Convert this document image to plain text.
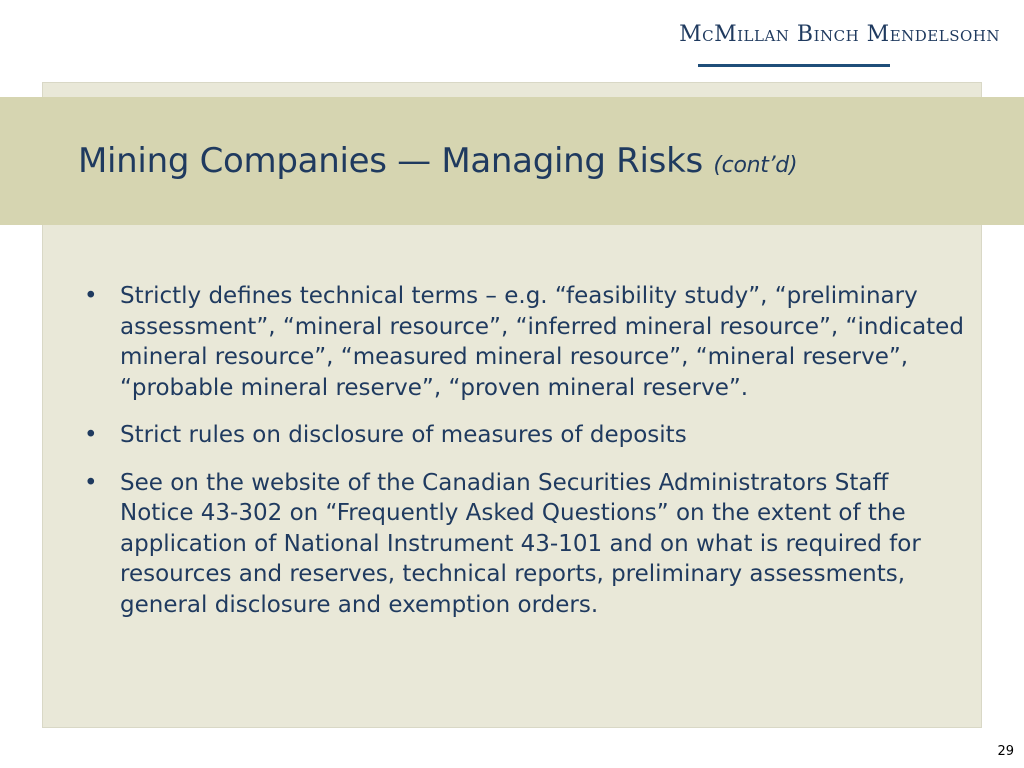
McMillan Binch Mendelsohn
Mining Companies — Managing Risks (cont’d)
• Strictly defines technical terms – e.g. “feasibility study”, “preliminary assessment”, “mineral resource”, “inferred mineral resource”, “indicated mineral resource”, “measured mineral resource”, “mineral reserve”, “probable mineral reserve”, “proven mineral reserve”.
• Strict rules on disclosure of measures of deposits
• See on the website of the Canadian Securities Administrators Staff Notice 43-302 on “Frequently Asked Questions” on the extent of the application of National Instrument 43-101 and on what is required for resources and reserves, technical reports, preliminary assessments, general disclosure and exemption orders.
29
